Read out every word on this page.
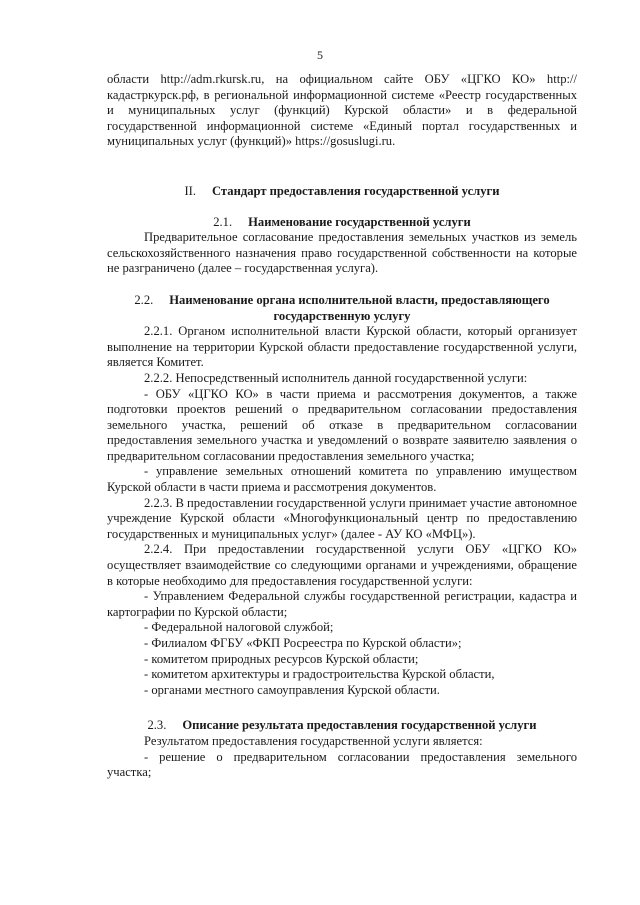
5

области http://adm.rkursk.ru, на официальном сайте ОБУ «ЦГКО КО» http:// кадастркурск.рф, в региональной информационной системе «Реестр государственных и муниципальных услуг (функций) Курской области» и в федеральной государственной информационной системе «Единый портал государственных и муниципальных услуг (функций)» https://gosuslugi.ru.

II. Стандарт предоставления государственной услуги

2.1. Наименование государственной услуги

Предварительное согласование предоставления земельных участков из земель сельскохозяйственного назначения право государственной собственности на которые не разграничено (далее – государственная услуга).

2.2. Наименование органа исполнительной власти, предоставляющего
государственную услугу

2.2.1. Органом исполнительной власти Курской области, который организует выполнение на территории Курской области предоставление государственной услуги, является Комитет.

2.2.2. Непосредственный исполнитель данной государственной услуги:

- ОБУ «ЦГКО КО» в части приема и рассмотрения документов, а также подготовки проектов решений о предварительном согласовании предоставления земельного участка, решений об отказе в предварительном согласовании предоставления земельного участка и уведомлений о возврате заявителю заявления о предварительном согласовании предоставления земельного участка;

- управление земельных отношений комитета по управлению имуществом Курской области в части приема и рассмотрения документов.

2.2.3. В предоставлении государственной услуги принимает участие автономное учреждение Курской области «Многофункциональный центр по предоставлению государственных и муниципальных услуг» (далее - АУ КО «МФЦ»).

2.2.4. При предоставлении государственной услуги ОБУ «ЦГКО КО» осуществляет взаимодействие со следующими органами и учреждениями, обращение в которые необходимо для предоставления государственной услуги:

- Управлением Федеральной службы государственной регистрации, кадастра и картографии по Курской области;

- Федеральной налоговой службой;

- Филиалом ФГБУ «ФКП Росреестра по Курской области»;

- комитетом природных ресурсов Курской области;

- комитетом архитектуры и градостроительства Курской области,

- органами местного самоуправления Курской области.

2.3. Описание результата предоставления государственной услуги

Результатом предоставления государственной услуги является:

- решение о предварительном согласовании предоставления земельного участка;
